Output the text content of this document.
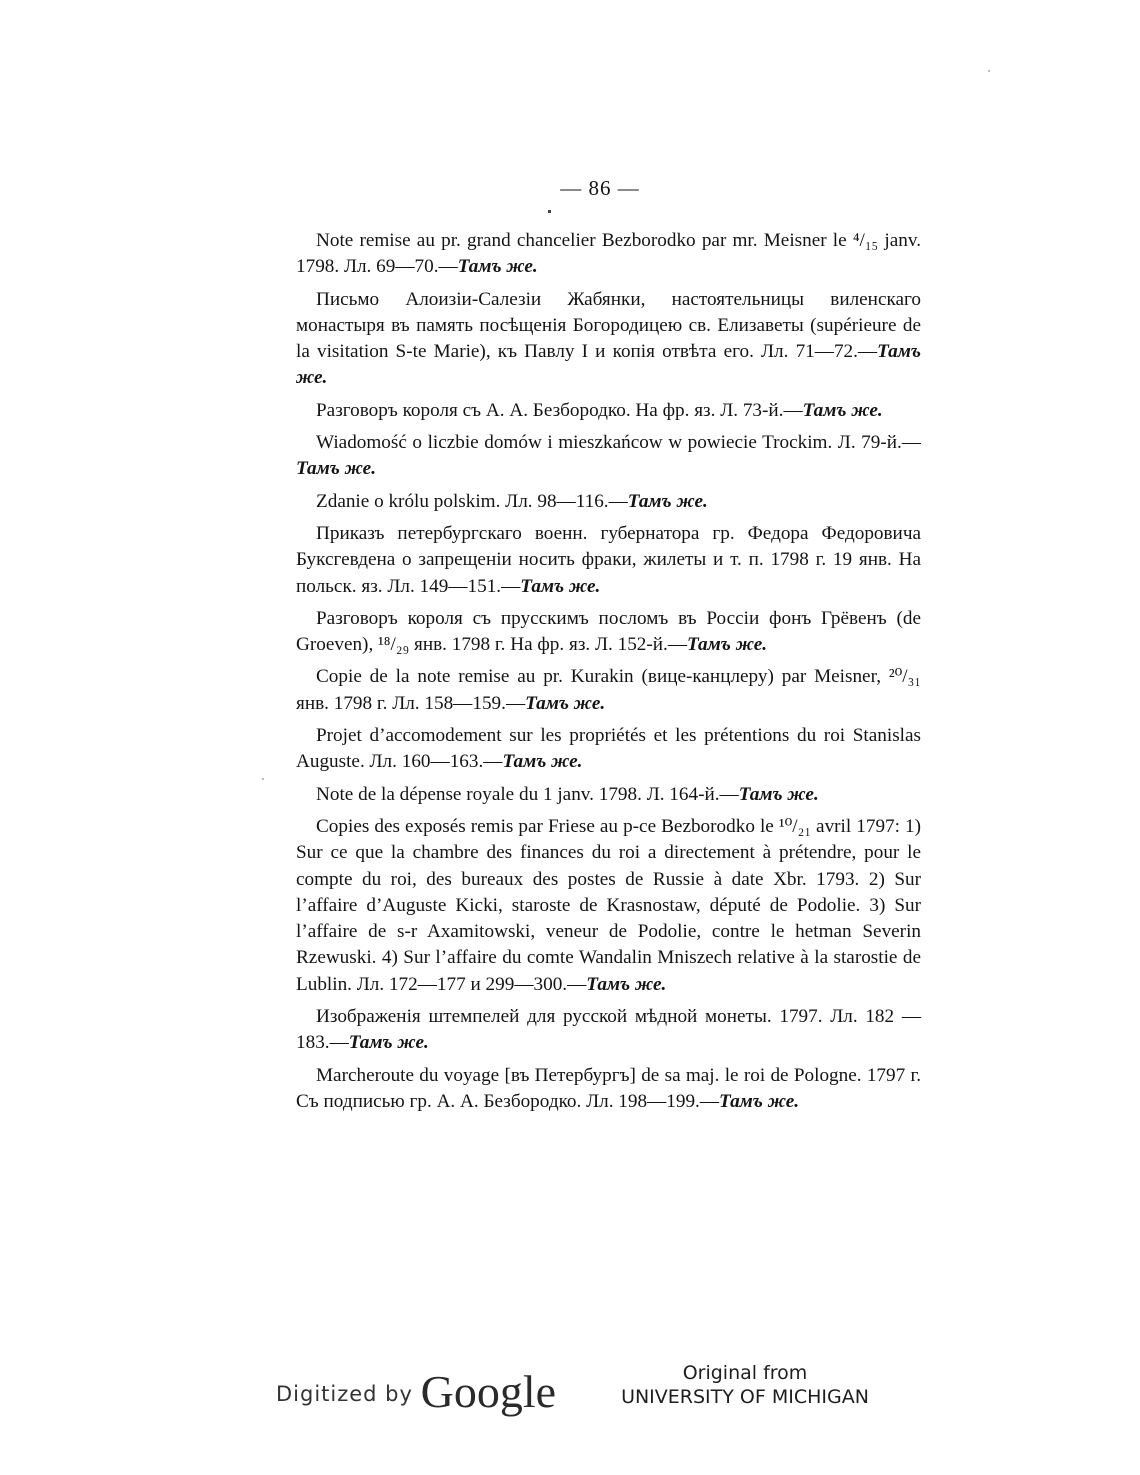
— 86 —

Note remise au pr. grand chancelier Bezborodko par mr. Meisner le ⁴/₁₅ janv. 1798. Лл. 69—70.—Тамъ же.

Письмо Алоизіи-Салезіи Жабянки, настоятельницы виленскаго монастыря въ память посѣщенія Богородицею св. Елизаветы (supérieure de la visitation S-te Marie), къ Павлу I и копія отвѣта его. Лл. 71—72.—Тамъ же.

Разговоръ короля съ А. А. Безбородко. На фр. яз. Л. 73-й.—Тамъ же.

Wiadomość o liczbie domów i mieszkańcow w powiecie Trockim. Л. 79-й.—Тамъ же.

Zdanie o królu polskim. Лл. 98—116.—Тамъ же.

Приказъ петербургскаго военн. губернатора гр. Федора Федоровича Буксгевдена о запрещеніи носить фраки, жилеты и т. п. 1798 г. 19 янв. На польск. яз. Лл. 149—151.—Тамъ же.

Разговоръ короля съ прусскимъ посломъ въ Россіи фонъ Грёвенъ (de Groeven), ¹⁸/₂₉ янв. 1798 г. На фр. яз. Л. 152-й.—Тамъ же.

Copie de la note remise au pr. Kurakin (вице-канцлеру) par Meisner, ²⁰/₃₁ янв. 1798 г. Лл. 158—159.—Тамъ же.

Projet d’accomodement sur les propriétés et les prétentions du roi Stanislas Auguste. Лл. 160—163.—Тамъ же.

Note de la dépense royale du 1 janv. 1798. Л. 164-й.—Тамъ же.

Copies des exposés remis par Friese au p-ce Bezborodko le ¹⁰/₂₁ avril 1797: 1) Sur ce que la chambre des finances du roi a directement à prétendre, pour le compte du roi, des bureaux des postes de Russie à date Xbr. 1793. 2) Sur l’affaire d’Auguste Kicki, staroste de Krasnostaw, député de Podolie. 3) Sur l’affaire de s-r Axamitowski, veneur de Podolie, contre le hetman Severin Rzewuski. 4) Sur l’affaire du comte Wandalin Mniszech relative à la starostie de Lublin. Лл. 172—177 и 299—300.—Тамъ же.

Изображенія штемпелей для русской мѣдной монеты. 1797. Лл. 182 — 183.—Тамъ же.

Marcheroute du voyage [въ Петербургъ] de sa maj. le roi de Pologne. 1797 г. Съ подписью гр. А. А. Безбородко. Лл. 198—199.—Тамъ же.

Digitized by Google	Original from
UNIVERSITY OF MICHIGAN
